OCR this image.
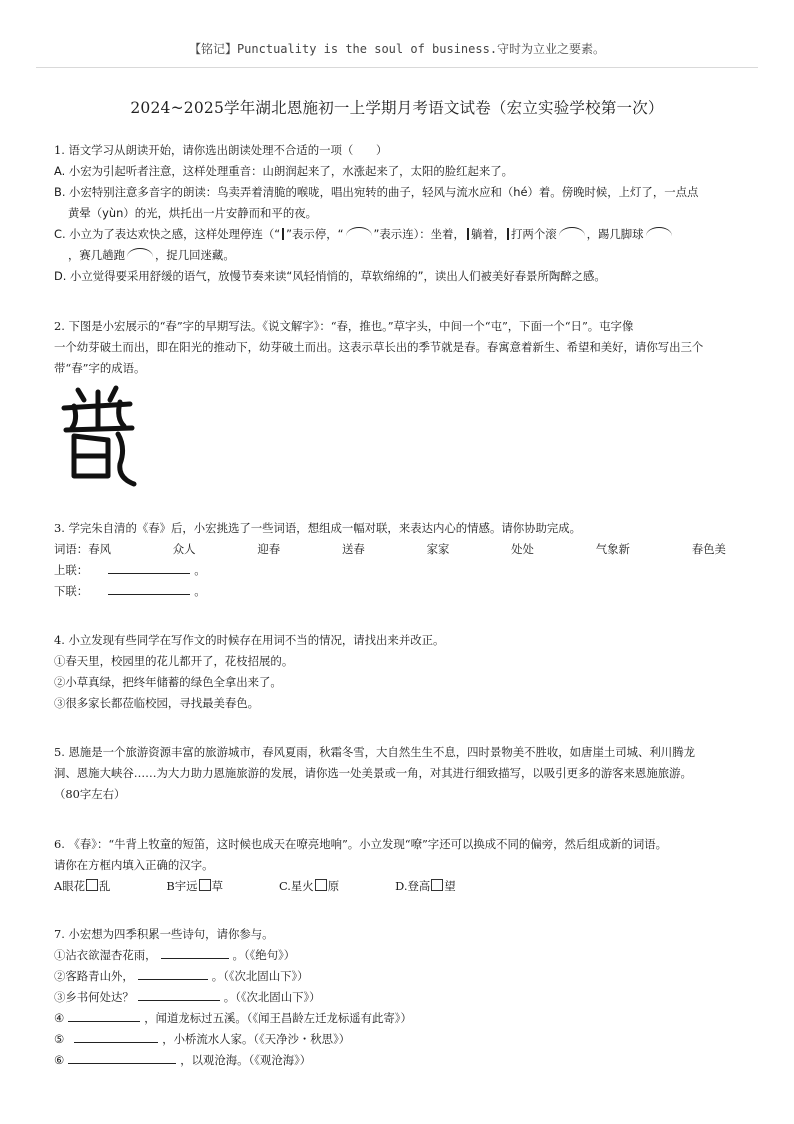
【铭记】Punctuality is the soul of business.守时为立业之要素。
2024~2025学年湖北恩施初一上学期月考语文试卷（宏立实验学校第一次）

1. 语文学习从朗读开始，请你选出朗读处理不合适的一项（　　）

A. 小宏为引起听者注意，这样处理重音：山朗润起来了，水涨起来了，太阳的脸红起来了。

B. 小宏特别注意多音字的朗读：鸟卖弄着清脆的喉咙，唱出宛转的曲子，轻风与流水应和（hé）着。傍晚时候，上灯了，一点点

黄晕（yùn）的光，烘托出一片安静而和平的夜。

C. 小立为了表达欢快之感，这样处理停连（“ ”表示停，“	”表示连）：坐着， 躺着， 打两个滚	，踢几脚球

，赛几趟跑	，捉几回迷藏。

D. 小立觉得要采用舒缓的语气，放慢节奏来读“风轻悄悄的，草软绵绵的”，读出人们被美好春景所陶醉之感。

2. 下图是小宏展示的“春”字的早期写法。《说文解字》：“春，推也。”草字头，中间一个“屯”，下面一个“日”。屯字像

一个幼芽破土而出，即在阳光的推动下，幼芽破土而出。这表示草长出的季节就是春。春寓意着新生、希望和美好，请你写出三个

带“春”字的成语。

3. 学完朱自清的《春》后，小宏挑选了一些词语，想组成一幅对联，来表达内心的情感。请你协助完成。

词语：春风	众人	迎春	送春	家家	处处	气象新	春色美

上联：	。

下联：	。

4. 小立发现有些同学在写作文的时候存在用词不当的情况，请找出来并改正。

①春天里，校园里的花儿都开了，花枝招展的。

②小草真绿，把终年储蓄的绿色全拿出来了。

③很多家长都莅临校园，寻找最美春色。

5. 恩施是一个旅游资源丰富的旅游城市，春风夏雨，秋霜冬雪，大自然生生不息，四时景物美不胜收，如唐崖土司城、利川腾龙

洞、恩施大峡谷……为大力助力恩施旅游的发展，请你选一处美景或一角，对其进行细致描写，以吸引更多的游客来恩施旅游。

（80字左右）

6. 《春》：“牛背上牧童的短笛，这时候也成天在嘹亮地响”。小立发现“嘹”字还可以换成不同的偏旁，然后组成新的词语。

请你在方框内填入正确的汉字。

A眼花 乱	B宇远 草	C.星火 原	D.登高 望

7. 小宏想为四季积累一些诗句，请你参与。

①沾衣欲湿杏花雨，	。（《绝句》）

②客路青山外，	。（《次北固山下》）

③乡书何处达？	。（《次北固山下》）

④	，闻道龙标过五溪。（《闻王昌龄左迁龙标遥有此寄》）

⑤	，小桥流水人家。（《天净沙・秋思》）

⑥	，以观沧海。（《观沧海》）
